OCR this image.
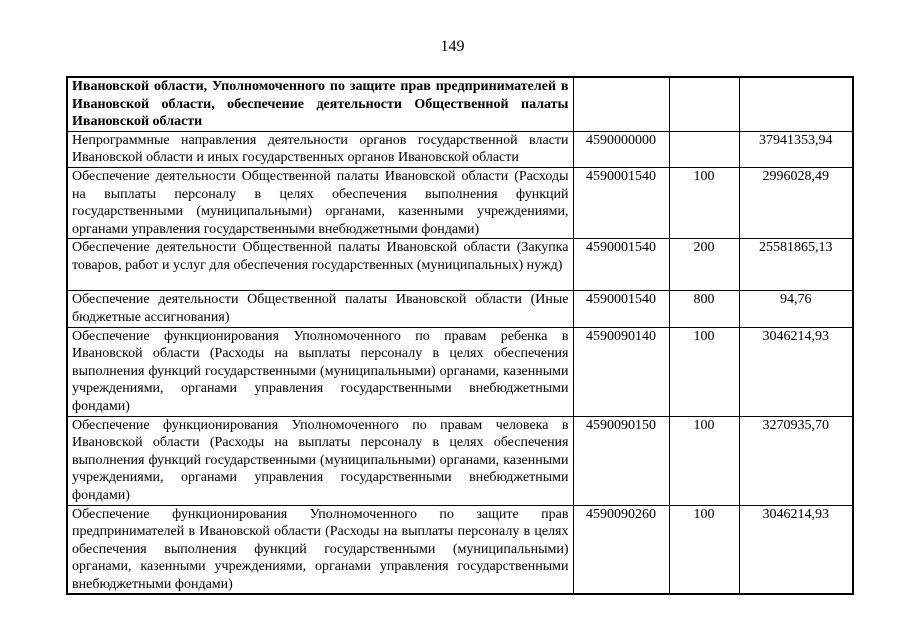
149
Ивановской области, Уполномоченного по защите прав предпринимателей в Ивановской области, обеспечение деятельности Общественной палаты Ивановской области			
Непрограммные направления деятельности органов государственной власти Ивановской области и иных государственных органов Ивановской области	4590000000		37941353,94
Обеспечение деятельности Общественной палаты Ивановской области (Расходы на выплаты персоналу в целях обеспечения выполнения функций государственными (муниципальными) органами, казенными учреждениями, органами управления государственными внебюджетными фондами)	4590001540	100	2996028,49
Обеспечение деятельности Общественной палаты Ивановской области (Закупка товаров, работ и услуг для обеспечения государственных (муниципальных) нужд)	4590001540	200	25581865,13
Обеспечение деятельности Общественной палаты Ивановской области (Иные бюджетные ассигнования)	4590001540	800	94,76
Обеспечение функционирования Уполномоченного по правам ребенка в Ивановской области (Расходы на выплаты персоналу в целях обеспечения выполнения функций государственными (муниципальными) органами, казенными учреждениями, органами управления государственными внебюджетными фондами)	4590090140	100	3046214,93
Обеспечение функционирования Уполномоченного по правам человека в Ивановской области (Расходы на выплаты персоналу в целях обеспечения выполнения функций государственными (муниципальными) органами, казенными учреждениями, органами управления государственными внебюджетными фондами)	4590090150	100	3270935,70
Обеспечение функционирования Уполномоченного по защите прав предпринимателей в Ивановской области (Расходы на выплаты персоналу в целях обеспечения выполнения функций государственными (муниципальными) органами, казенными учреждениями, органами управления государственными внебюджетными фондами)	4590090260	100	3046214,93
